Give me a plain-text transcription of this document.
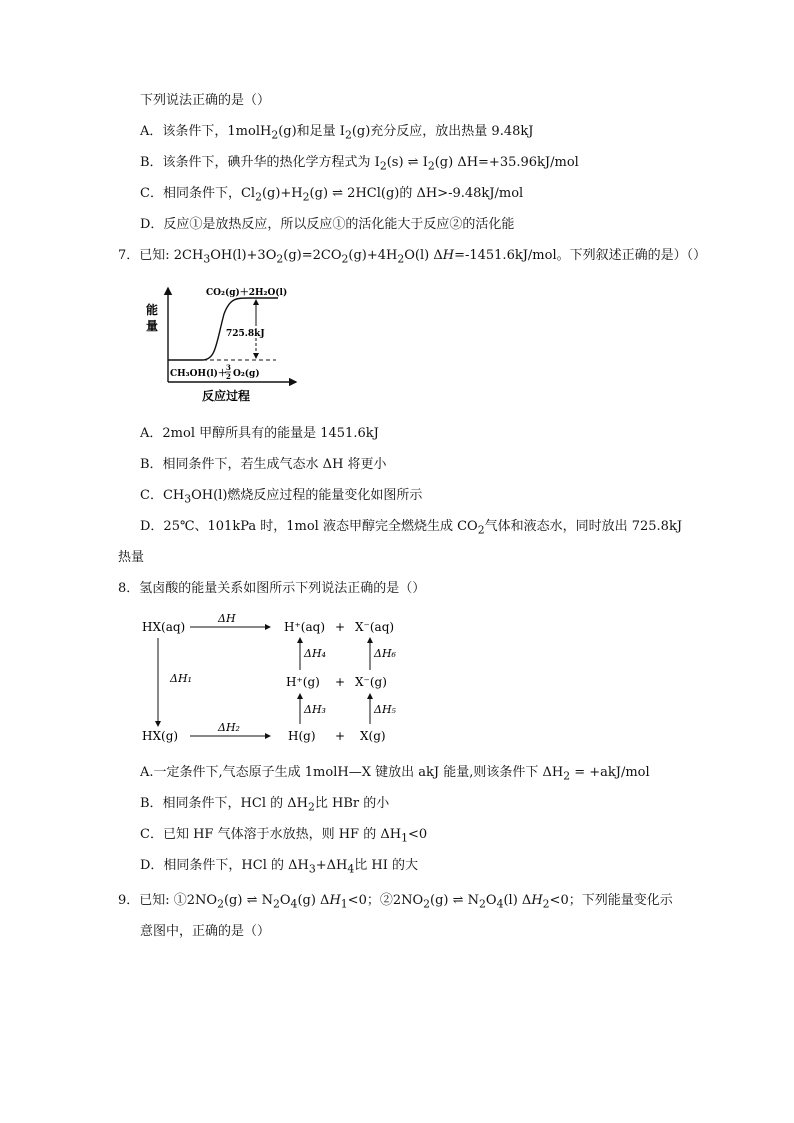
下列说法正确的是（）
A．该条件下，1molH$_2$(g)和足量 $I_2(g)$充分反应，放出热量 9.48kJ
B．该条件下，碘升华的热化学方程式为 $I_2(s)$ ⇌ $I_2(g)$ ΔH=+35.96kJ/mol
C．相同条件下，$Cl_2(g)+H_2(g)$ ⇌ 2HCl(g)的 ΔH>-9.48kJ/mol
D．反应①是放热反应，所以反应①的活化能大于反应②的活化能
7．已知: $2CH_3OH(l)+3O_2(g)=2CO_2(g)+4H_2O(l)$ ΔH=-1451.6kJ/mol。下列叙述正确的是）（）
能
量
反应过程
CO₂(g)＋2H₂O(l)
725.8kJ
CH₃OH(l)＋
3
2 O₂(g)
A．2mol 甲醇所具有的能量是 1451.6kJ
B．相同条件下，若生成气态水 ΔH 将更小
C．$CH_3OH(l)$燃烧反应过程的能量变化如图所示
D．25℃、101kPa 时，1mol 液态甲醇完全燃烧生成 $CO_2$气体和液态水，同时放出 725.8kJ
热量
8．氢卤酸的能量关系如图所示下列说法正确的是（）
HX(aq)
ΔH
H⁺(aq) + X⁻(aq)
ΔH₄	ΔH₆
ΔH₁	H⁺(g) + X⁻(g)
ΔH₃	ΔH₅
HX(g)
ΔH₂
H(g) + X(g)
A.一定条件下,气态原子生成 1molH—X 键放出 akJ 能量,则该条件下 $\Delta H_2 = +akJ/mol$
B．相同条件下，HCl 的 $\Delta H_2$比 HBr 的小
C．已知 HF 气体溶于水放热，则 HF 的 $\Delta H_1<0$
D．相同条件下，HCl 的 $\Delta H_3+\Delta H_4$比 HI 的大
9．已知: $①2NO_2(g)$ ⇌ $N_2O_4(g)$ $\Delta H_1<0$；$②2NO_2(g)$ ⇌ $N_2O_4(l)$ $\Delta H_2<0$；下列能量变化示
意图中，正确的是（）
